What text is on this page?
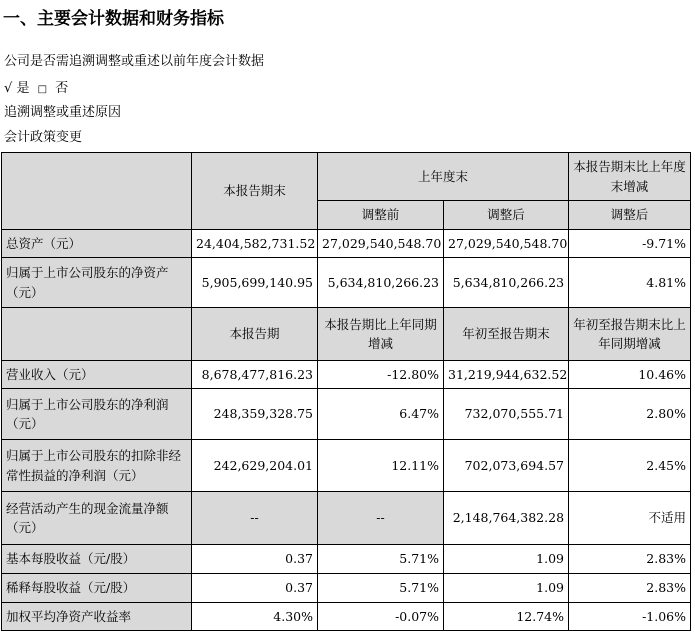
一、主要会计数据和财务指标
公司是否需追溯调整或重述以前年度会计数据
√ 是 □ 否
追溯调整或重述原因
会计政策变更
	本报告期末	上年度末		本报告期末比上年度末增减
		调整前	调整后	调整后
总资产（元）	24,404,582,731.52	27,029,540,548.70	27,029,540,548.70	-9.71%
归属于上市公司股东的净资产（元）	5,905,699,140.95	5,634,810,266.23	5,634,810,266.23	4.81%
	本报告期	本报告期比上年同期增减	年初至报告期末	年初至报告期末比上年同期增减
营业收入（元）	8,678,477,816.23	-12.80%	31,219,944,632.52	10.46%
归属于上市公司股东的净利润（元）	248,359,328.75	6.47%	732,070,555.71	2.80%
归属于上市公司股东的扣除非经常性损益的净利润（元）	242,629,204.01	12.11%	702,073,694.57	2.45%
经营活动产生的现金流量净额（元）	--	--	2,148,764,382.28	不适用
基本每股收益（元/股）	0.37	5.71%	1.09	2.83%
稀释每股收益（元/股）	0.37	5.71%	1.09	2.83%
加权平均净资产收益率	4.30%	-0.07%	12.74%	-1.06%
